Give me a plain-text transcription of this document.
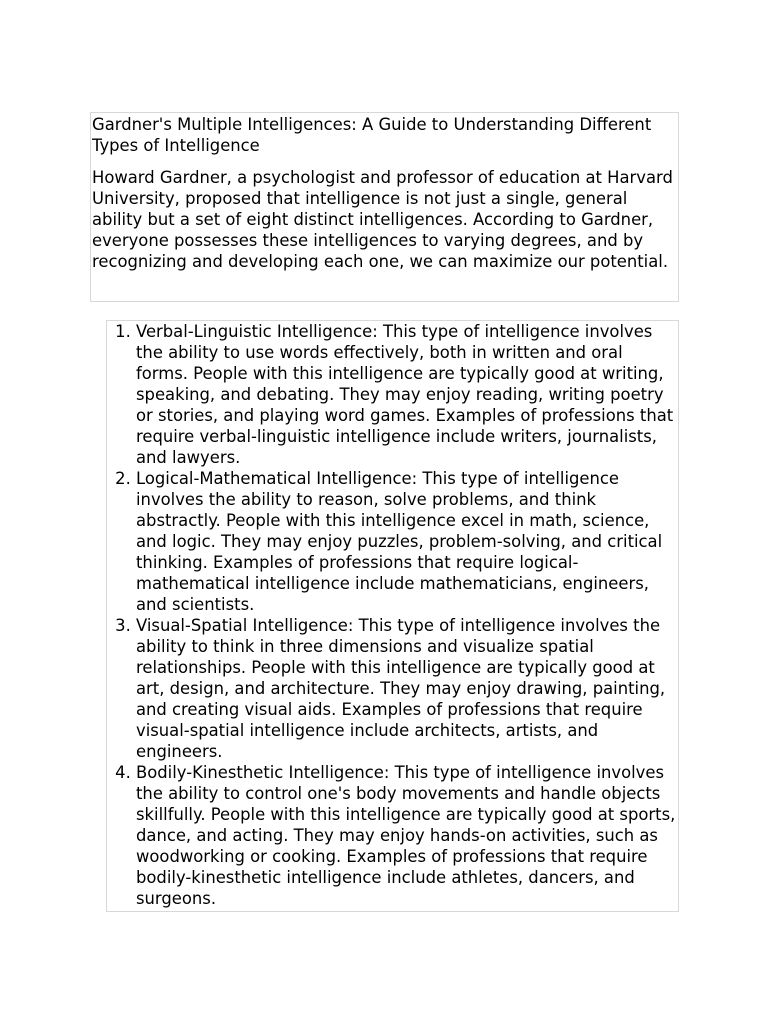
Gardner's Multiple Intelligences: A Guide to Understanding Different Types of Intelligence

Howard Gardner, a psychologist and professor of education at Harvard University, proposed that intelligence is not just a single, general ability but a set of eight distinct intelligences. According to Gardner, everyone possesses these intelligences to varying degrees, and by recognizing and developing each one, we can maximize our potential.

1. Verbal-Linguistic Intelligence: This type of intelligence involves the ability to use words effectively, both in written and oral forms. People with this intelligence are typically good at writing, speaking, and debating. They may enjoy reading, writing poetry or stories, and playing word games. Examples of professions that require verbal-linguistic intelligence include writers, journalists, and lawyers.
2. Logical-Mathematical Intelligence: This type of intelligence involves the ability to reason, solve problems, and think abstractly. People with this intelligence excel in math, science, and logic. They may enjoy puzzles, problem-solving, and critical thinking. Examples of professions that require logical-mathematical intelligence include mathematicians, engineers, and scientists.
3. Visual-Spatial Intelligence: This type of intelligence involves the ability to think in three dimensions and visualize spatial relationships. People with this intelligence are typically good at art, design, and architecture. They may enjoy drawing, painting, and creating visual aids. Examples of professions that require visual-spatial intelligence include architects, artists, and engineers.
4. Bodily-Kinesthetic Intelligence: This type of intelligence involves the ability to control one's body movements and handle objects skillfully. People with this intelligence are typically good at sports, dance, and acting. They may enjoy hands-on activities, such as woodworking or cooking. Examples of professions that require bodily-kinesthetic intelligence include athletes, dancers, and surgeons.
